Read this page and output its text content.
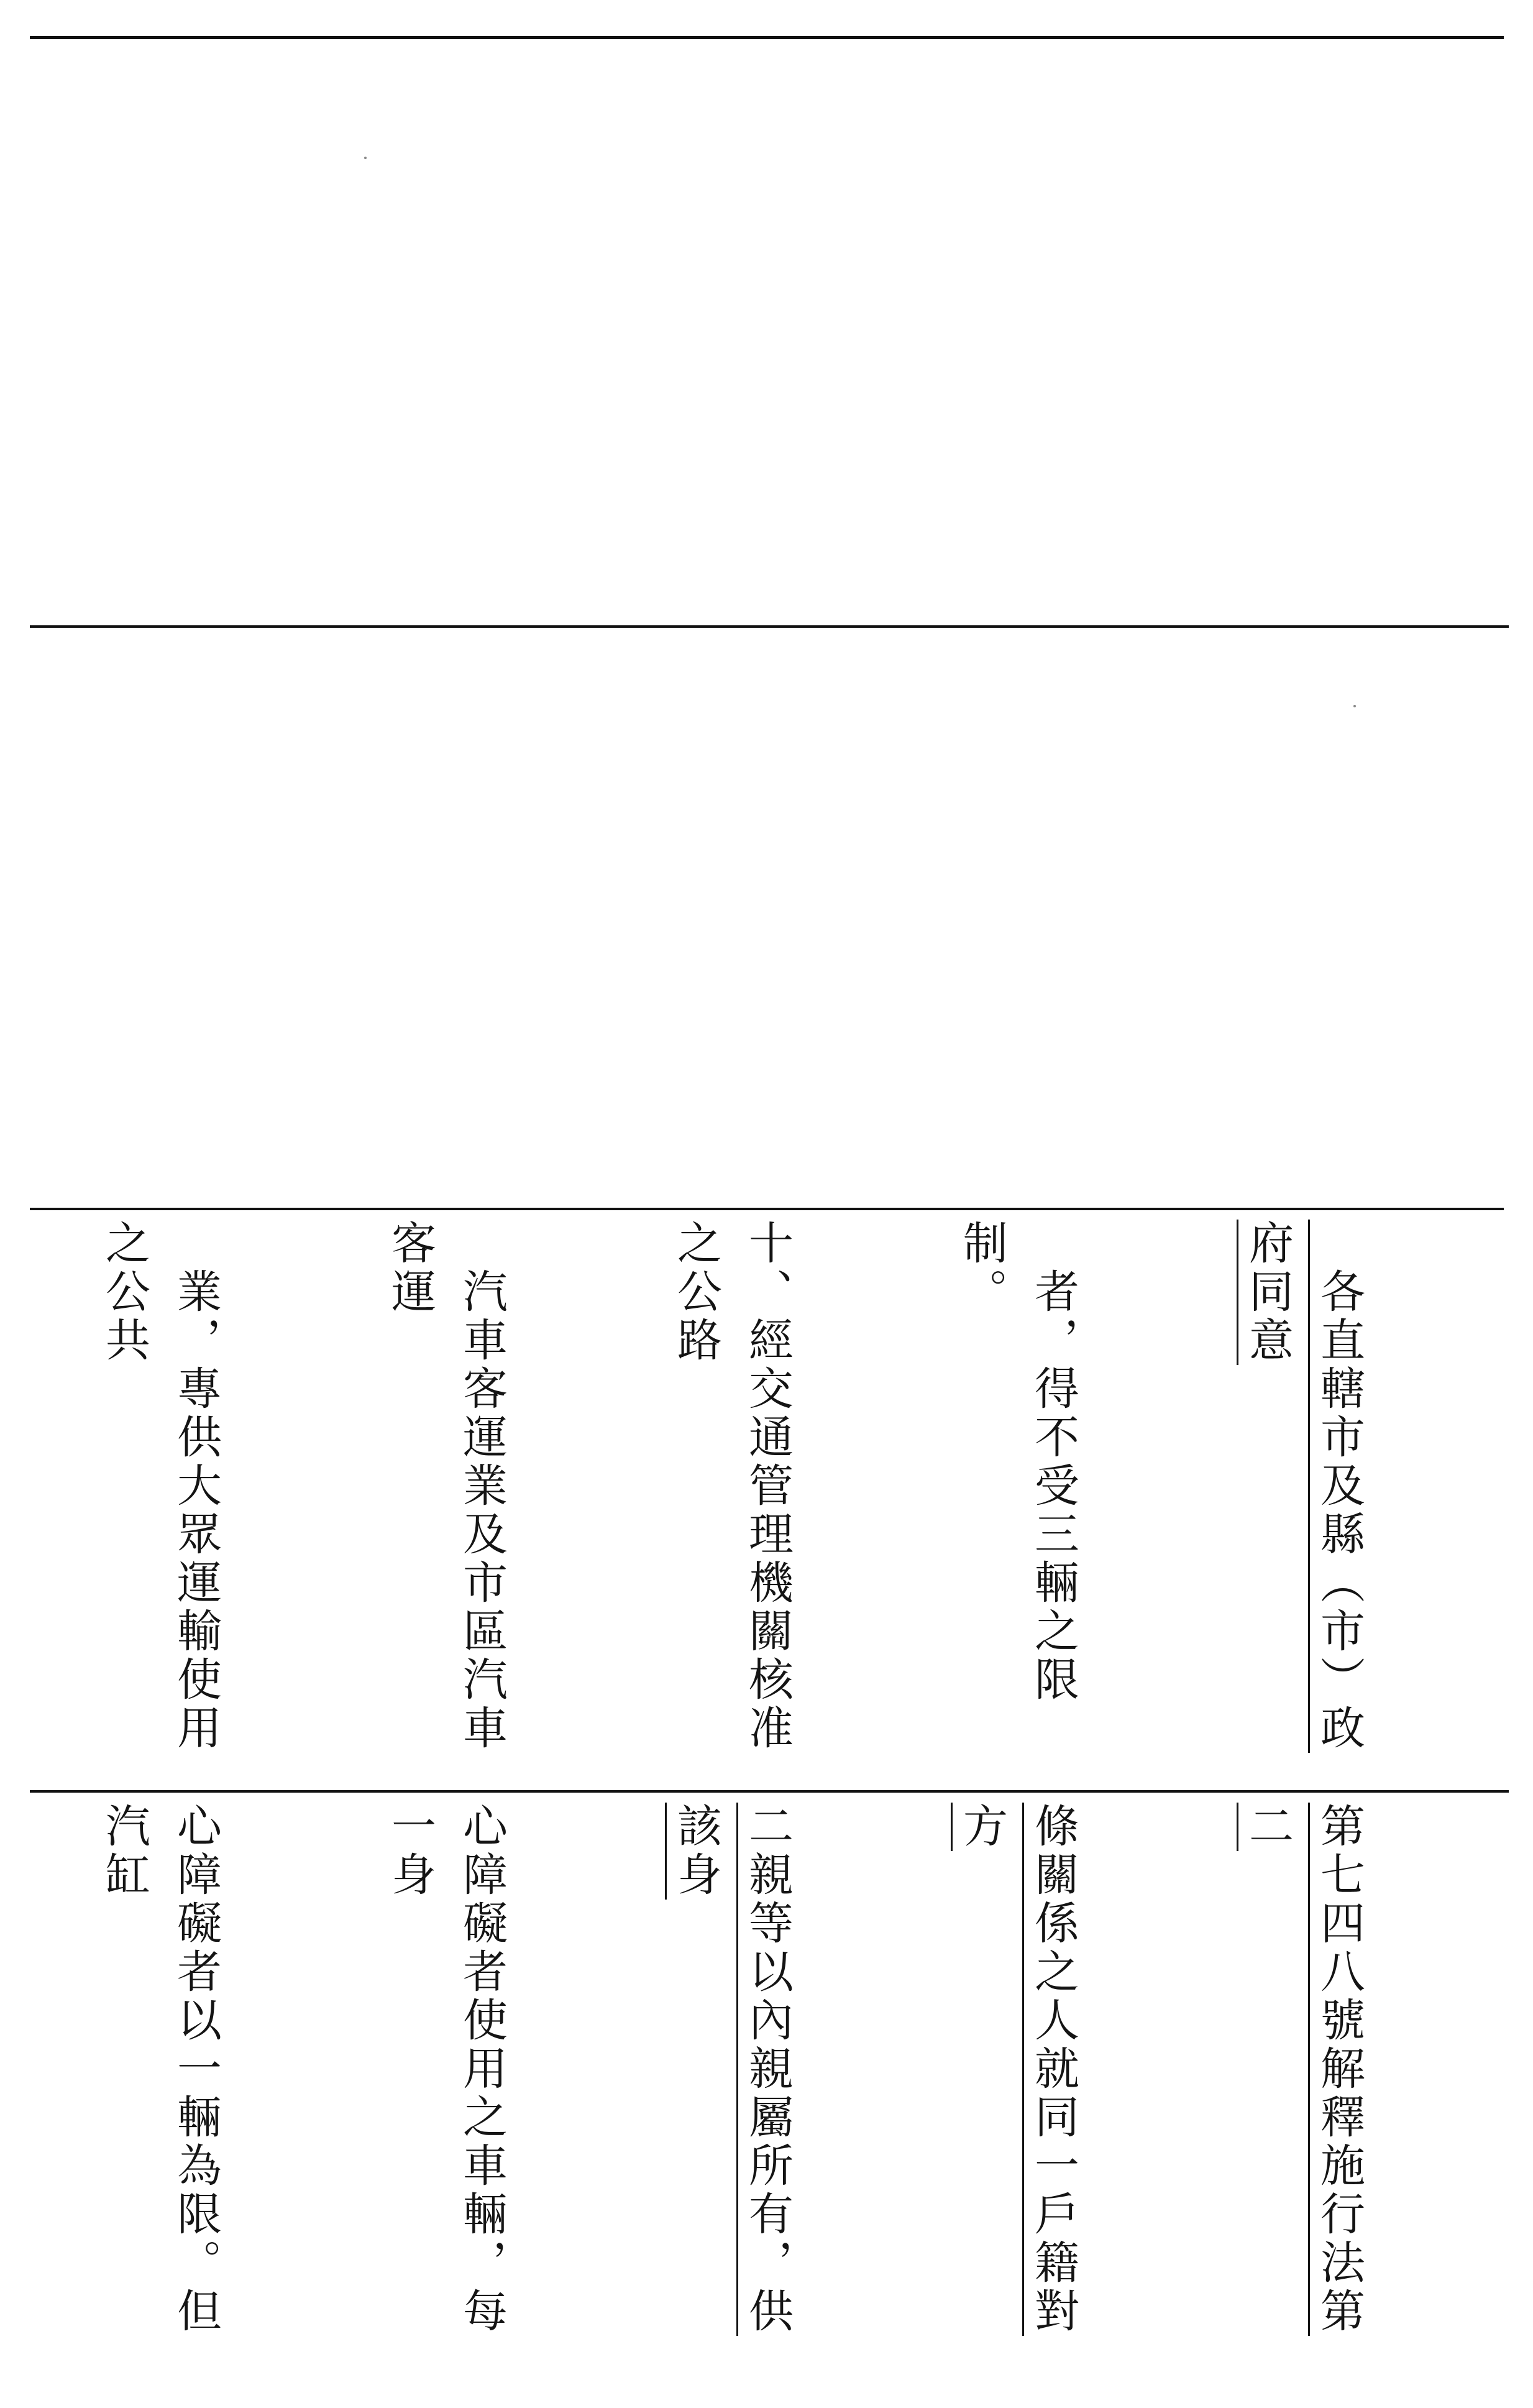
　各直轄市及縣（市）政府同意

　者，得不受三輛之限制。

十、經交通管理機關核准之公路

　汽車客運業及市區汽車客運

　業，專供大眾運輸使用之公共

第七四八號解釋施行法第二

條關係之人就同一戶籍對方

二親等以內親屬所有，供該身

心障礙者使用之車輛，每一身

心障礙者以一輛為限。但汽缸
